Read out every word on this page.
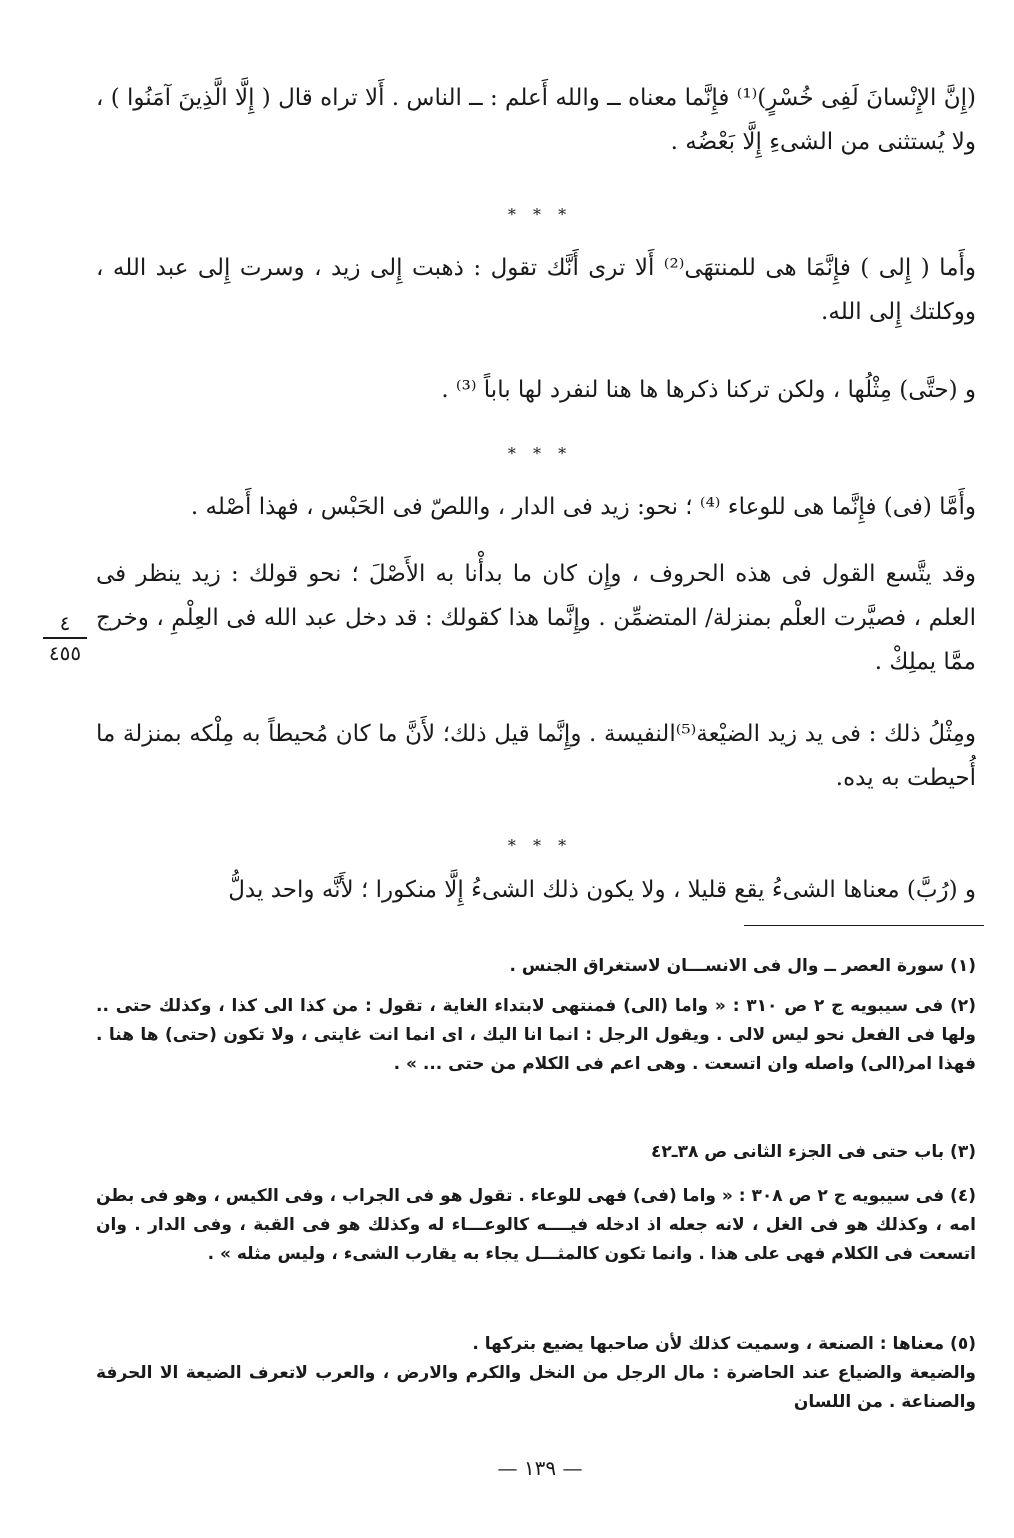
(إِنَّ الإِنْسانَ لَفِى خُسْرٍ)⁽¹⁾ فإِنَّما معناه ــ والله أَعلم : ــ الناس . أَلا تراه قال ( إِلَّا الَّذِينَ آمَنُوا ) ، ولا يُستثنى من الشىءِ إِلَّا بَعْضُه .

* * *

وأَما ( إِلى ) فإِنَّمَا هى للمنتهَى⁽²⁾ أَلا ترى أَنَّك تقول : ذهبت إِلى زيد ، وسرت إِلى عبد الله ، ووكلتك إِلى الله.

و (حتَّى) مِثْلُها ، ولكن تركنا ذكرها ها هنا لنفرد لها باباً ⁽³⁾ .

* * *

وأَمَّا (فى) فإِنَّما هى للوعاء ⁽⁴⁾ ؛ نحو: زيد فى الدار ، واللصّ فى الحَبْس ، فهذا أَصْله .

وقد يتَّسع القول فى هذه الحروف ، وإِن كان ما بدأْنا به الأَصْلَ ؛ نحو قولك : زيد ينظر فى العلم ، فصيَّرت العلْم بمنزلة/ المتضمِّن . وإِنَّما هذا كقولك : قد دخل عبد الله فى العِلْمِ ، وخرج ممَّا يملِكْ .

ومِثْلُ ذلك : فى يد زيد الضيْعة⁽⁵⁾النفيسة . وإِنَّما قيل ذلك؛ لأَنَّ ما كان مُحيطاً به مِلْكه بمنزلة ما أُحيطت به يده.

* * *

و (رُبَّ) معناها الشىءُ يقع قليلا ، ولا يكون ذلك الشىءُ إِلَّا منكورا ؛ لأَنَّه واحد يدلُّ

٤
٤٥٥

(١) سورة العصر ــ وال فى الانســـان لاستغراق الجنس .

(٢) فى سيبويه ج ٢ ص ٣١٠ : « واما (الى) فمنتهى لابتداء الغاية ، تقول : من كذا الى كذا ، وكذلك حتى .. ولها فى الفعل نحو ليس لالى . ويقول الرجل : انما انا اليك ، اى انما انت غايتى ، ولا تكون (حتى) ها هنا . فهذا امر(الى) واصله وان اتسعت . وهى اعم فى الكلام من حتى ... » .

(٣) باب حتى فى الجزء الثانى ص ٣٨ـ٤٢

(٤) فى سيبويه ج ٢ ص ٣٠٨ : « واما (فى) فهى للوعاء . تقول هو فى الجراب ، وفى الكيس ، وهو فى بطن امه ، وكذلك هو فى الغل ، لانه جعله اذ ادخله فيــــه كالوعـــاء له وكذلك هو فى القبة ، وفى الدار . وان اتسعت فى الكلام فهى على هذا . وانما تكون كالمثـــل يجاء به يقارب الشىء ، وليس مثله » .

(٥) معناها : الصنعة ، وسميت كذلك لأن صاحبها يضيع بتركها .

والضيعة والضياع عند الحاضرة : مال الرجل من النخل والكرم والارض ، والعرب لاتعرف الضيعة الا الحرفة والصناعة . من اللسان

— ١٣٩ —
